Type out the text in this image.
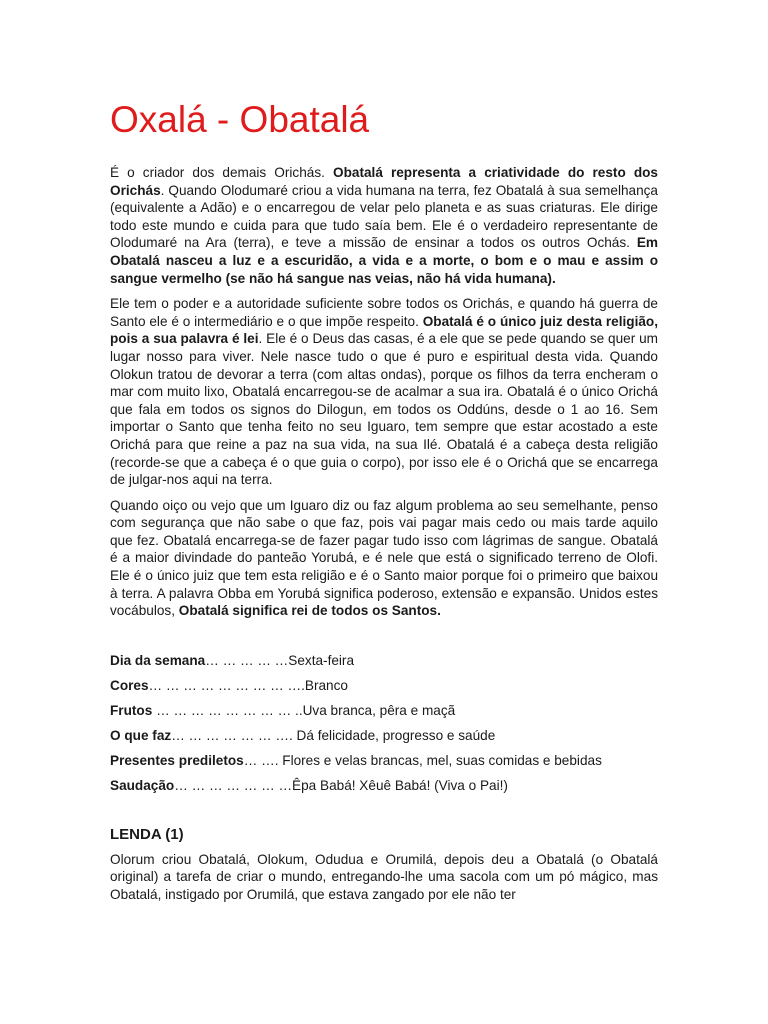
Oxalá - Obatalá

É o criador dos demais Orichás. Obatalá representa a criatividade do resto dos Orichás. Quando Olodumaré criou a vida humana na terra, fez Obatalá à sua semelhança (equivalente a Adão) e o encarregou de velar pelo planeta e as suas criaturas. Ele dirige todo este mundo e cuida para que tudo saía bem. Ele é o verdadeiro representante de Olodumaré na Ara (terra), e teve a missão de ensinar a todos os outros Ochás. Em Obatalá nasceu a luz e a escuridão, a vida e a morte, o bom e o mau e assim o sangue vermelho (se não há sangue nas veias, não há vida humana).

Ele tem o poder e a autoridade suficiente sobre todos os Orichás, e quando há guerra de Santo ele é o intermediário e o que impõe respeito. Obatalá é o único juiz desta religião, pois a sua palavra é lei. Ele é o Deus das casas, é a ele que se pede quando se quer um lugar nosso para viver. Nele nasce tudo o que é puro e espiritual desta vida. Quando Olokun tratou de devorar a terra (com altas ondas), porque os filhos da terra encheram o mar com muito lixo, Obatalá encarregou-se de acalmar a sua ira. Obatalá é o único Orichá que fala em todos os signos do Dilogun, em todos os Oddúns, desde o 1 ao 16. Sem importar o Santo que tenha feito no seu Iguaro, tem sempre que estar acostado a este Orichá para que reine a paz na sua vida, na sua Ilé. Obatalá é a cabeça desta religião (recorde-se que a cabeça é o que guia o corpo), por isso ele é o Orichá que se encarrega de julgar-nos aqui na terra.

Quando oiço ou vejo que um Iguaro diz ou faz algum problema ao seu semelhante, penso com segurança que não sabe o que faz, pois vai pagar mais cedo ou mais tarde aquilo que fez. Obatalá encarrega-se de fazer pagar tudo isso com lágrimas de sangue. Obatalá é a maior divindade do panteão Yorubá, e é nele que está o significado terreno de Olofi. Ele é o único juiz que tem esta religião e é o Santo maior porque foi o primeiro que baixou à terra. A palavra Obba em Yorubá significa poderoso, extensão e expansão. Unidos estes vocábulos, Obatalá significa rei de todos os Santos.

Dia da semana… … … … …Sexta-feira
Cores… … … … … … … … ….Branco
Frutos … … … … … … … … ..Uva branca, pêra e maçã
O que faz… … … … … … …. Dá felicidade, progresso e saúde
Presentes prediletos… …. Flores e velas brancas, mel, suas comidas e bebidas
Saudação… … … … … … …Êpa Babá! Xêuê Babá! (Viva o Pai!)
LENDA (1)

Olorum criou Obatalá, Olokum, Odudua e Orumilá, depois deu a Obatalá (o Obatalá original) a tarefa de criar o mundo, entregando-lhe uma sacola com um pó mágico, mas Obatalá, instigado por Orumilá, que estava zangado por ele não ter
